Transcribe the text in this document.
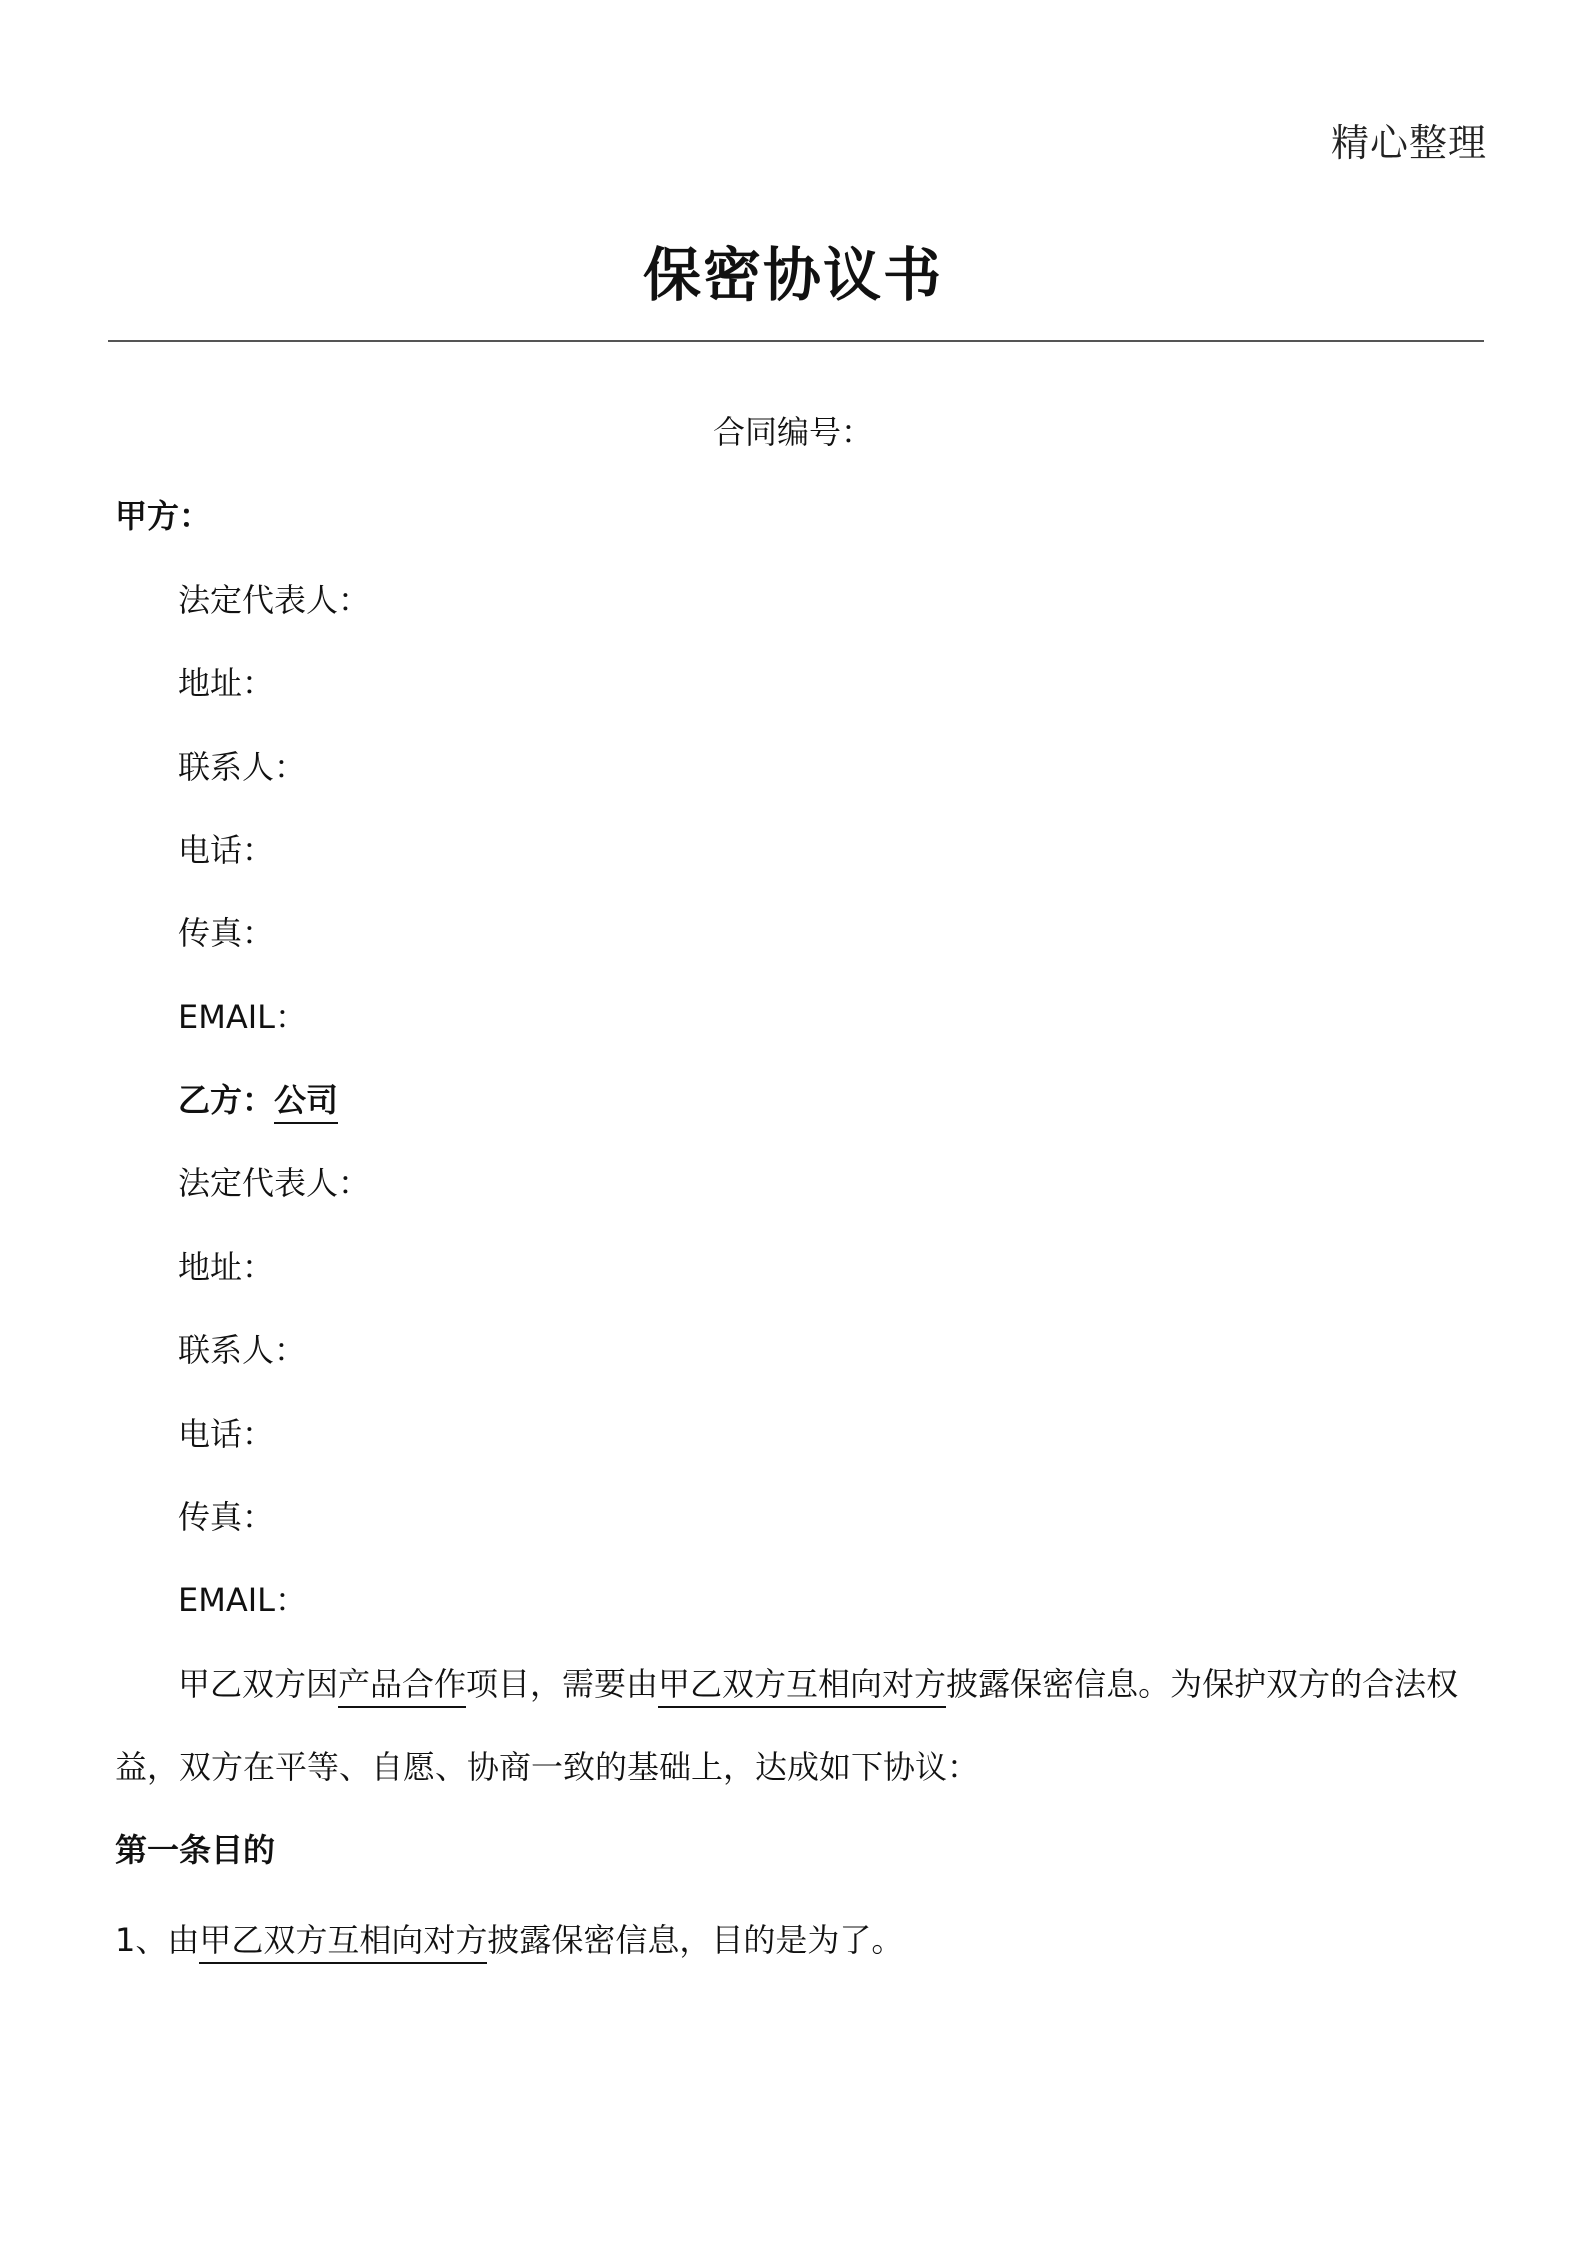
精心整理
保密协议书
合同编号：
甲方：
法定代表人：
地址：
联系人：
电话：
传真：
EMAIL：
乙方：公司
法定代表人：
地址：
联系人：
电话：
传真：
EMAIL：
甲乙双方因产品合作项目，需要由甲乙双方互相向对方披露保密信息。为保护双方的合法权
益，双方在平等、自愿、协商一致的基础上，达成如下协议：
第一条目的
1、由甲乙双方互相向对方披露保密信息，目的是为了。
